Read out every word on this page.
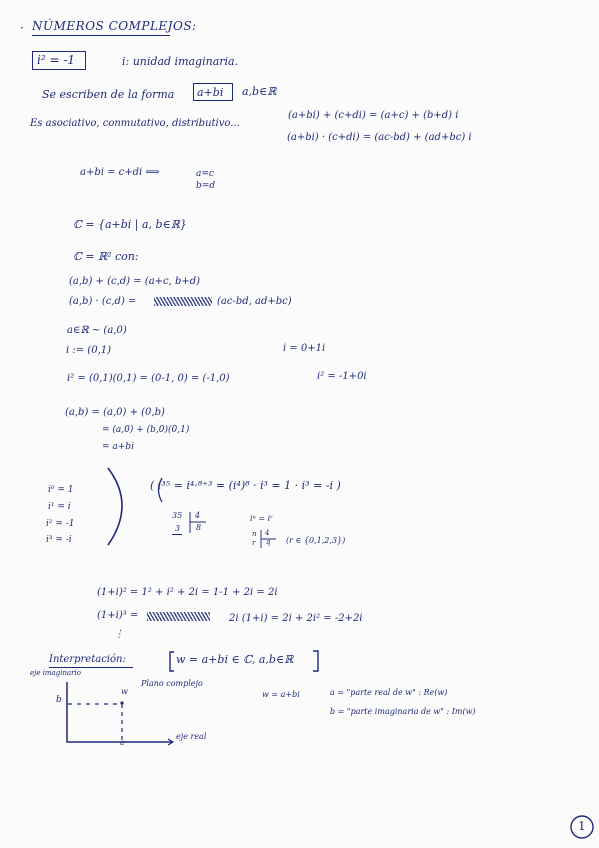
· NÚMEROS COMPLEJOS:
i² = -1	i: unidad imaginaria.
Se escriben de la forma a+bi a,b∈ℝ
Es asociativo, conmutativo, distributivo...
(a+bi) + (c+di) = (a+c) + (b+d) i
(a+bi) · (c+di) = (ac-bd) + (ad+bc) i
a+bi = c+di ⟺	a=c
b=d
ℂ = {a+bi | a, b∈ℝ}
ℂ = ℝ² con:
(a,b) + (c,d) = (a+c, b+d)
(a,b) · (c,d) =	(ac-bd, ad+bc)
a∈ℝ ~ (a,0)
i := (0,1)	i = 0+1i
i² = (0,1)(0,1) = (0-1, 0) = (-1,0)	i² = -1+0i
(a,b) = (a,0) + (0,b)
= (a,0) + (b,0)(0,1)
= a+bi
i⁰ = 1
i¹ = i
i² = -1
i³ = -i
( i³⁵ = i⁴·⁸⁺³ = (i⁴)⁸ · i³ = 1 · i³ = -i )
35
3
4
8
iⁿ = iʳ
n
r
4
q (r ∈ {0,1,2,3})
(1+i)² = 1² + i² + 2i = 1-1 + 2i = 2i
(1+i)³ =	2i (1+i) = 2i + 2i² = -2+2i
⋮
Interpretación:	w = a+bi ∈ ℂ, a,b∈ℝ
eje imaginario
Plano complejo
w
b
a
eje real
w = a+bi	a = "parte real de w" : Re(w)
b = "parte imaginaria de w" : Im(w)
1
